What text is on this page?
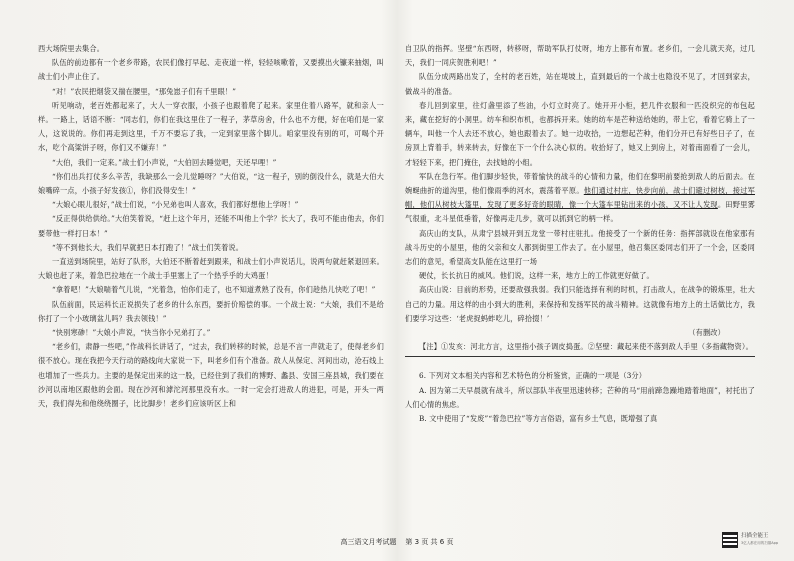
西大场院里去集合。

队伍的前边都有一个老乡带路，农民们像打早起、走夜道一样，轻轻咳嗽着，又要摸出火镰来抽烟，叫战士们小声止住了。

“对！”农民把烟袋又揣在腰里，“那兔崽子们有千里眼！”

听见响动，老百姓都起来了，大人一穿衣服，小孩子也跟着爬了起来。家里住着八路军，就和亲人一样。一路上，话语不断：“同志们，你们在我这里住了一程子，茅草房舍，什么也不方便，好在咱们是一家人，这说说的。你们再走到这里，千万不要忘了我，一定到家里落个脚儿。咱家里没有别的可，可喝个开水，吃个高粱饼子呀，你们又不嫌弃！”

“大伯，我们一定来。”战士们小声说，“大伯回去睡觉吧，天还早哩！”

“你们出兵打仗多么辛苦，我缺那么一会儿觉睡呀？”大伯说，“这一程子，别的倒没什么，就是大伯大娘嘴碎一点，小孩子好发孩①，你们没得安生！”

“大娘心眼儿很好，”战士们说，“小兄弟也叫人喜欢，我们都好想他上学呀！”

“反正得供给供给。”大伯笑着说，“赶上这个年月，还能不叫他上个学？长大了，我可不能由他去，你们要带他一样打日本！”

“等不到他长大，我们早就把日本打跑了！”战士们笑着说。

一直送到场院里，站好了队形，大伯还不断着赶到跟来，和战士们小声说话儿，说两句就赶紧退回来。大娘也赶了来，着急巴拉地在一个战士手里塞上了一个热乎乎的大鸡蛋！

“拿着吧！”大娘喘着气儿说，“光着急，怕你们走了，也不知道煮熟了没有，你们趁热儿快吃了吧！”

队伍前面，民运科长正说损失了老乡的什么东西，要折价赔偿的事。一个战士说：“大娘，我们不是给你打了一个小玻璃盆儿吗？我去领钱！”

“快别寒碜！”大娘小声说，“快当你小兄弟打了。”

“老乡们，肃静一些吧，”作战科长讲话了，“过去，我们转移的时候，总是不言一声就走了，使得老乡们很不放心。现在我把今天行动的路线向大家说一下，叫老乡们有个准备。敌人从保定、河间出动，沧石线上也增加了一些兵力。主要的是保定出来的这一股，已经住到了我们的博野、蠡县、安国三座县城，我们要在沙河以南地区跟他的会面。现在沙河和滹沱河那里没有水。一时一定会打进敌人的进犯，可是，开头一两天，我们得先和他绕绕圈子，比比脚步！老乡们应该听区上和

自卫队的指挥。坚壁“东西呀，转移呀，帮助军队打仗呀，地方上都有布置。老乡们，一会儿就天亮，过几天，我们一同庆贺胜利吧！”

队伍分成两路出发了，全村的老百姓，站在堤坡上，直到最后的一个战士也隐没不见了，才回到家去，做战斗的准备。

春儿回到家里，往灯盏里添了些油，小灯立时亮了。她开开小柜，把几件衣服和一匹没织完的布包起来，藏在挖好的小洞里。纺车和织布机，也都拆开来。她的纺车是芒种送给她的，带上它，看着它骑上了一辆车，叫他一个人去还不放心，她也跟着去了。她一边收拾，一边想起芒种，他们分开已有好些日子了，在房顶上背着手，转来转去，好像在下一个什么决心似的。收拾好了，她又上到房上，对着南面看了一会儿，才轻轻下来，把门掩住，去找她的小组。

军队在急行军。他们脚步轻快，带着愉快的战斗的心情和力量，他们在黎明前要抢到敌人的后面去。在婉蜒曲折的道沟里，他们像雨季的河水，震荡着平原。他们通过村庄，快步向前，战士们避过树枝，接过军帽，他们从树枝大篷里，发现了更多好奇的眼睛，像一个大篷车里钻出来的小孩，又不让人发现。田野里雾气很重，北斗星低垂着，好像再走几步，就可以抓到它的柄一样。

高庆山的支队，从肃宁县城开到五龙堂一带村庄驻扎。他接受了一个新的任务：指挥部就设在他家那有战斗历史的小屋里，他的父亲和女人都到街里工作去了。在小屋里，他召集区委同志们开了一个会，区委同志们的意见，希望高支队能在这里打一场

硬仗，长长抗日的威风。他们说，这样一来，地方上的工作就更好做了。

高庆山说：目前的形势，还要敌强我弱。我们只能选择有利的时机，打击敌人，在战争的锻炼里，壮大自己的力量。用这样的由小到大的胜利，来保持和发扬军民的战斗精神。这就像有地方上的土话做比方，我们要学习这些：‘老虎捉蚂蚱吃儿，碎拾掇！’

（有删改）

【注】①发亥：河北方言，这里指小孩子调皮捣蛋。②坚壁：藏起来使不落到敌人手里（多指藏物资）。

6. 下列对文本相关内容和艺术特色的分析鉴赏，正确的一项是（3分）

A. 因为第二天早晨就有战斗，所以部队半夜里迅速转移；芒种的马“用前蹄急躁地踏着地面”，衬托出了人们心情的焦虑。

B. 文中使用了“发废”“着急巴拉”等方言俗语，富有乡土气息，既增强了真

高三语文月考试题 第 3 页 共 6 页
扫描全能王
3亿人都在用的扫描App
